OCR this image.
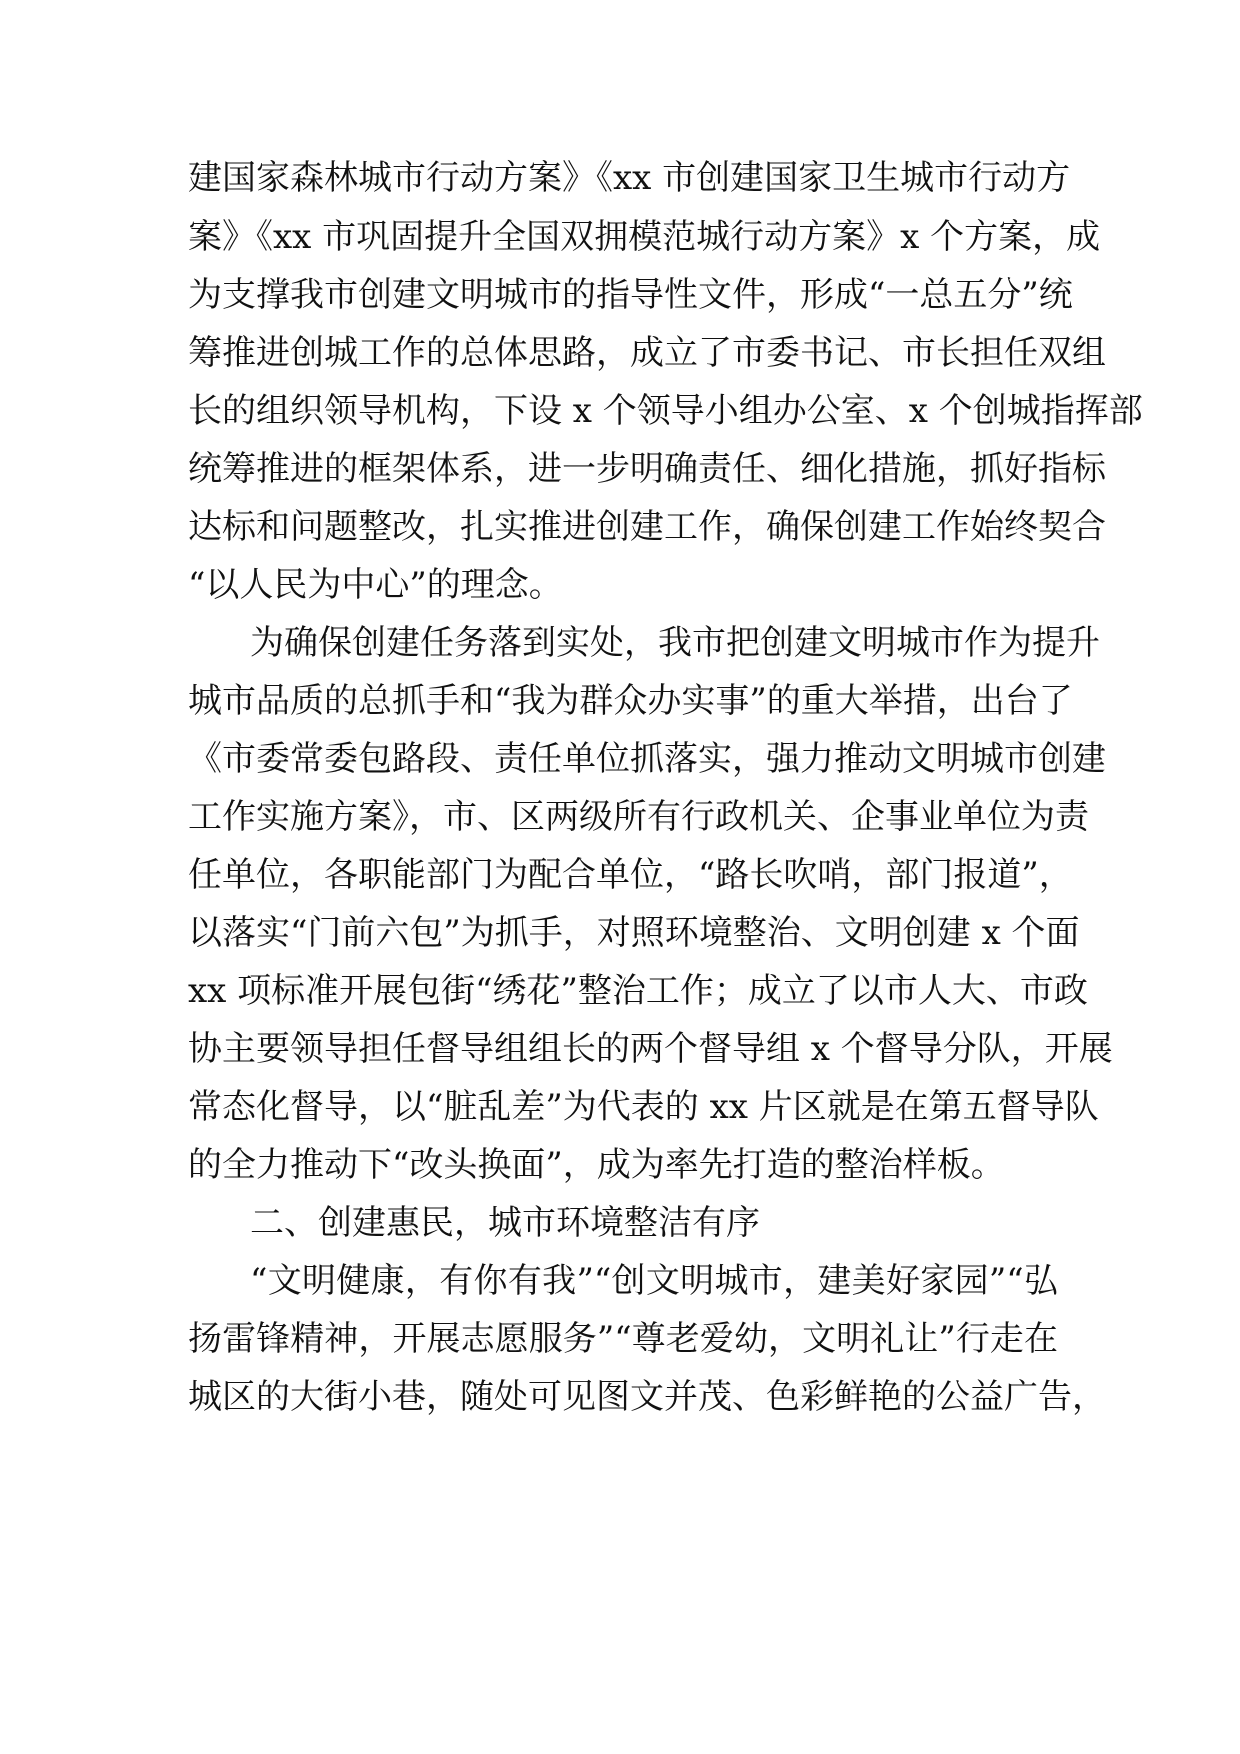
建国家森林城市行动方案》《xx 市创建国家卫生城市行动方
案》《xx 市巩固提升全国双拥模范城行动方案》x 个方案，成
为支撑我市创建文明城市的指导性文件，形成“一总五分”统
筹推进创城工作的总体思路，成立了市委书记、市长担任双组
长的组织领导机构，下设 x 个领导小组办公室、x 个创城指挥部
统筹推进的框架体系，进一步明确责任、细化措施，抓好指标
达标和问题整改，扎实推进创建工作，确保创建工作始终契合
“以人民为中心”的理念。
为确保创建任务落到实处，我市把创建文明城市作为提升
城市品质的总抓手和“我为群众办实事”的重大举措，出台了
《市委常委包路段、责任单位抓落实，强力推动文明城市创建
工作实施方案》，市、区两级所有行政机关、企事业单位为责
任单位，各职能部门为配合单位，“路长吹哨，部门报道”，
以落实“门前六包”为抓手，对照环境整治、文明创建 x 个面
xx 项标准开展包街“绣花”整治工作；成立了以市人大、市政
协主要领导担任督导组组长的两个督导组 x 个督导分队，开展
常态化督导，以“脏乱差”为代表的 xx 片区就是在第五督导队
的全力推动下“改头换面”，成为率先打造的整治样板。
二、创建惠民，城市环境整洁有序
“文明健康，有你有我”“创文明城市，建美好家园”“弘
扬雷锋精神，开展志愿服务”“尊老爱幼，文明礼让”行走在
城区的大街小巷，随处可见图文并茂、色彩鲜艳的公益广告，
